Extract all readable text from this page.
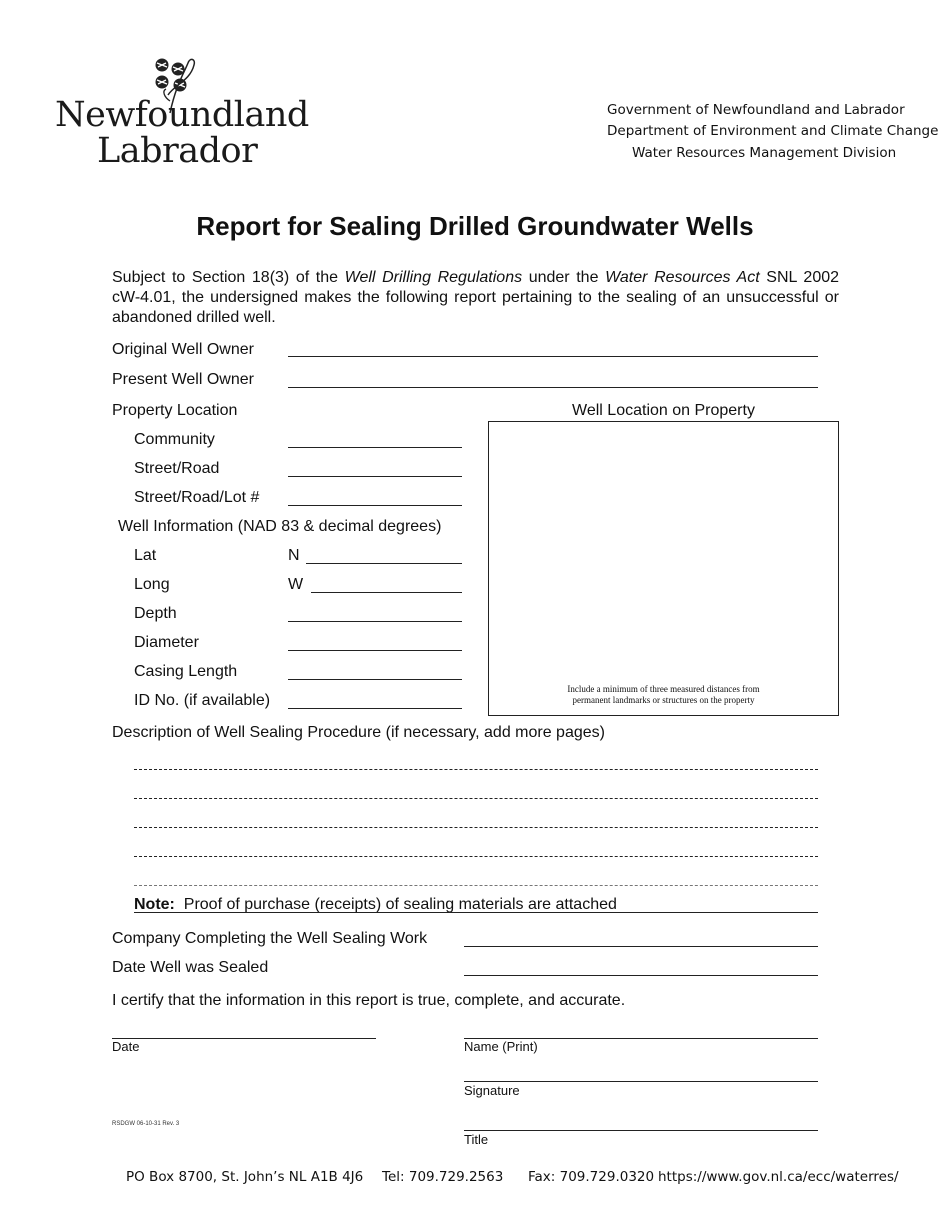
Newfoundland
Labrador
Government of Newfoundland and Labrador
Department of Environment and Climate Change
Water Resources Management Division
Report for Sealing Drilled Groundwater Wells
Subject to Section 18(3) of the Well Drilling Regulations under the Water Resources Act SNL 2002 cW-4.01, the undersigned makes the following report pertaining to the sealing of an unsuccessful or abandoned drilled well.
Original Well Owner
Present Well Owner
Property Location
Community
Street/Road
Street/Road/Lot #
Well Information (NAD 83 & decimal degrees)
Lat	N
Long	W
Depth
Diameter
Casing Length
ID No. (if available)
Well Location on Property
Include a minimum of three measured distances from
permanent landmarks or structures on the property
Description of Well Sealing Procedure (if necessary, add more pages)
Note: Proof of purchase (receipts) of sealing materials are attached
Company Completing the Well Sealing Work
Date Well was Sealed
I certify that the information in this report is true, complete, and accurate.
Date	Name (Print)
Signature
RSDGW 06-10-31 Rev. 3
Title
PO Box 8700, St. John’s NL A1B 4J6 Tel: 709.729.2563 Fax: 709.729.0320 https://www.gov.nl.ca/ecc/waterres/
